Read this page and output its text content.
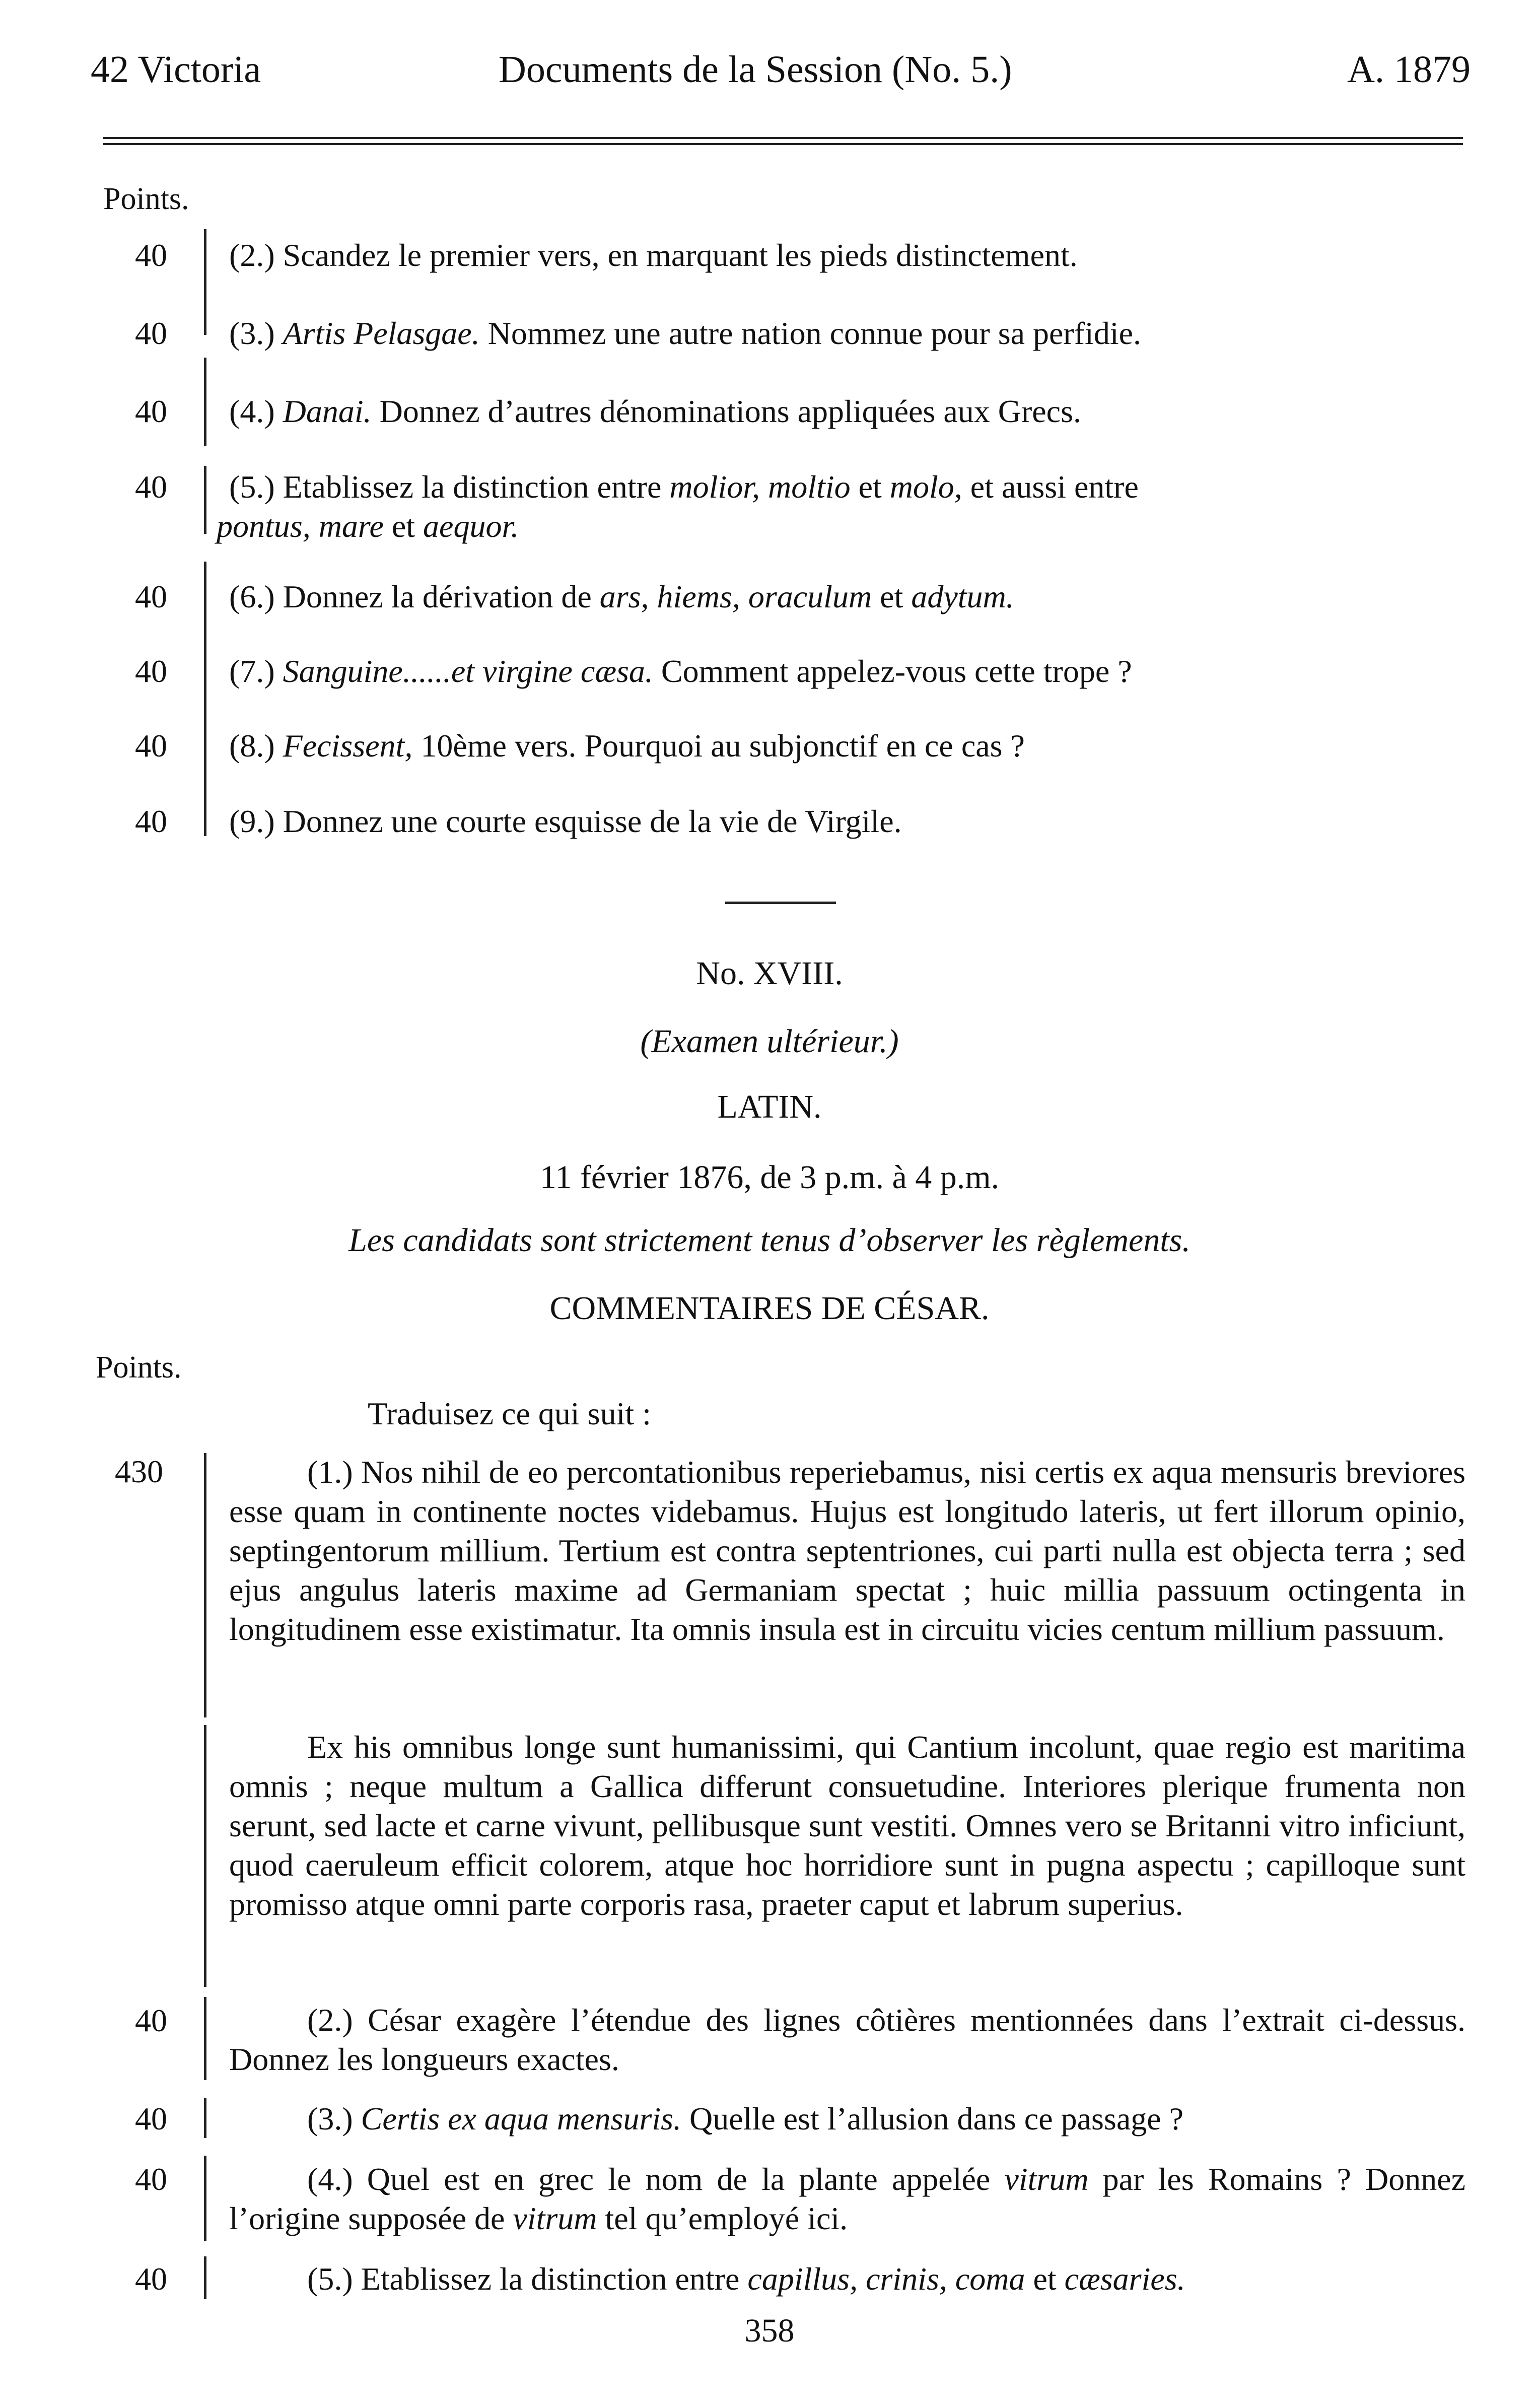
42 Victoria	Documents de la Session (No. 5.)	A. 1879
Points.
40 (2.) Scandez le premier vers, en marquant les pieds distinctement.
40 (3.) Artis Pelasgae. Nommez une autre nation connue pour sa perfidie.
40 (4.) Danai. Donnez d’autres dénominations appliquées aux Grecs.
40 (5.) Etablissez la distinction entre molior, moltio et molo, et aussi entre
pontus, mare et aequor.
40 (6.) Donnez la dérivation de ars, hiems, oraculum et adytum.
40 (7.) Sanguine......et virgine cæsa. Comment appelez-vous cette trope ?
40 (8.) Fecissent, 10ème vers. Pourquoi au subjonctif en ce cas ?
40 (9.) Donnez une courte esquisse de la vie de Virgile.
No. XVIII.
(Examen ultérieur.)
LATIN.
11 février 1876, de 3 p.m. à 4 p.m.
Les candidats sont strictement tenus d’observer les règlements.
COMMENTAIRES DE CÉSAR.
Points.
Traduisez ce qui suit :
430	(1.) Nos nihil de eo percontationibus reperiebamus, nisi certis ex aqua mensuris breviores esse quam in continente noctes videbamus. Hujus est longitudo lateris, ut fert illorum opinio, septingentorum millium. Tertium est contra septentriones, cui parti nulla est objecta terra ; sed ejus angulus lateris maxime ad Germaniam spectat ; huic millia passuum octingenta in longitudinem esse existimatur. Ita omnis insula est in circuitu vicies centum millium passuum.
Ex his omnibus longe sunt humanissimi, qui Cantium incolunt, quae regio est maritima omnis ; neque multum a Gallica differunt consuetudine. Interiores plerique frumenta non serunt, sed lacte et carne vivunt, pellibusque sunt vestiti. Omnes vero se Britanni vitro inficiunt, quod caeruleum efficit colorem, atque hoc horridiore sunt in pugna aspectu ; capilloque sunt promisso atque omni parte corporis rasa, praeter caput et labrum superius.
40	(2.) César exagère l’étendue des lignes côtières mentionnées dans l’extrait ci-dessus. Donnez les longueurs exactes.
40	(3.) Certis ex aqua mensuris. Quelle est l’allusion dans ce passage ?
40	(4.) Quel est en grec le nom de la plante appelée vitrum par les Romains ? Donnez l’origine supposée de vitrum tel qu’employé ici.
40	(5.) Etablissez la distinction entre capillus, crinis, coma et cæsaries.
358
